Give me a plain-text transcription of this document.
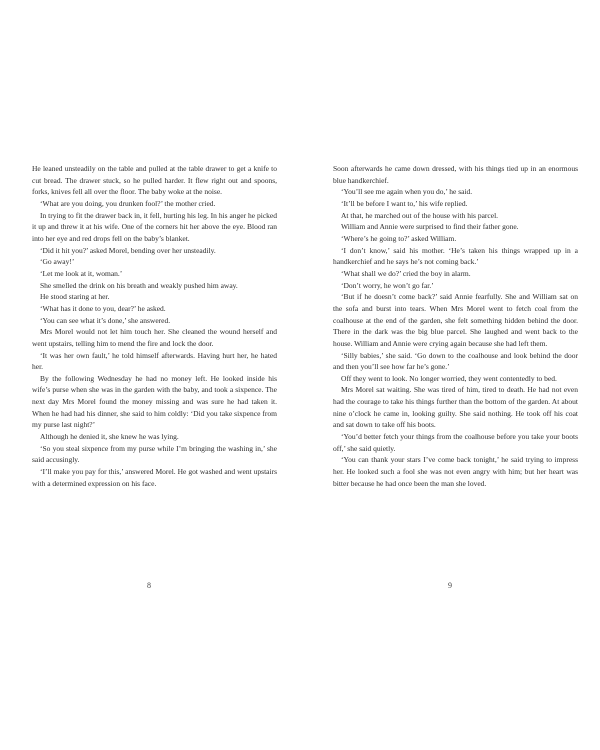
He leaned unsteadily on the table and pulled at the table drawer to get a knife to cut bread. The drawer stuck, so he pulled harder. It flew right out and spoons, forks, knives fell all over the floor. The baby woke at the noise.

‘What are you doing, you drunken fool?’ the mother cried.

In trying to fit the drawer back in, it fell, hurting his leg. In his anger he picked it up and threw it at his wife. One of the corners hit her above the eye. Blood ran into her eye and red drops fell on the baby’s blanket.

‘Did it hit you?’ asked Morel, bending over her unsteadily.

‘Go away!’

‘Let me look at it, woman.’

She smelled the drink on his breath and weakly pushed him away.

He stood staring at her.

‘What has it done to you, dear?’ he asked.

‘You can see what it’s done,’ she answered.

Mrs Morel would not let him touch her. She cleaned the wound herself and went upstairs, telling him to mend the fire and lock the door.

‘It was her own fault,’ he told himself afterwards. Having hurt her, he hated her.

By the following Wednesday he had no money left. He looked inside his wife’s purse when she was in the garden with the baby, and took a sixpence. The next day Mrs Morel found the money missing and was sure he had taken it. When he had had his dinner, she said to him coldly: ‘Did you take sixpence from my purse last night?’

Although he denied it, she knew he was lying.

‘So you steal sixpence from my purse while I’m bringing the washing in,’ she said accusingly.

‘I’ll make you pay for this,’ answered Morel. He got washed and went upstairs with a determined expression on his face.

8

Soon afterwards he came down dressed, with his things tied up in an enormous blue handkerchief.

‘You’ll see me again when you do,’ he said.

‘It’ll be before I want to,’ his wife replied.

At that, he marched out of the house with his parcel.

William and Annie were surprised to find their father gone.

‘Where’s he going to?’ asked William.

‘I don’t know,’ said his mother. ‘He’s taken his things wrapped up in a handkerchief and he says he’s not coming back.’

‘What shall we do?’ cried the boy in alarm.

‘Don’t worry, he won’t go far.’

‘But if he doesn’t come back?’ said Annie fearfully. She and William sat on the sofa and burst into tears. When Mrs Morel went to fetch coal from the coalhouse at the end of the garden, she felt something hidden behind the door. There in the dark was the big blue parcel. She laughed and went back to the house. William and Annie were crying again because she had left them.

‘Silly babies,’ she said. ‘Go down to the coalhouse and look behind the door and then you’ll see how far he’s gone.’

Off they went to look. No longer worried, they went contentedly to bed.

Mrs Morel sat waiting. She was tired of him, tired to death. He had not even had the courage to take his things further than the bottom of the garden. At about nine o’clock he came in, looking guilty. She said nothing. He took off his coat and sat down to take off his boots.

‘You’d better fetch your things from the coalhouse before you take your boots off,’ she said quietly.

‘You can thank your stars I’ve come back tonight,’ he said trying to impress her. He looked such a fool she was not even angry with him; but her heart was bitter because he had once been the man she loved.

9
